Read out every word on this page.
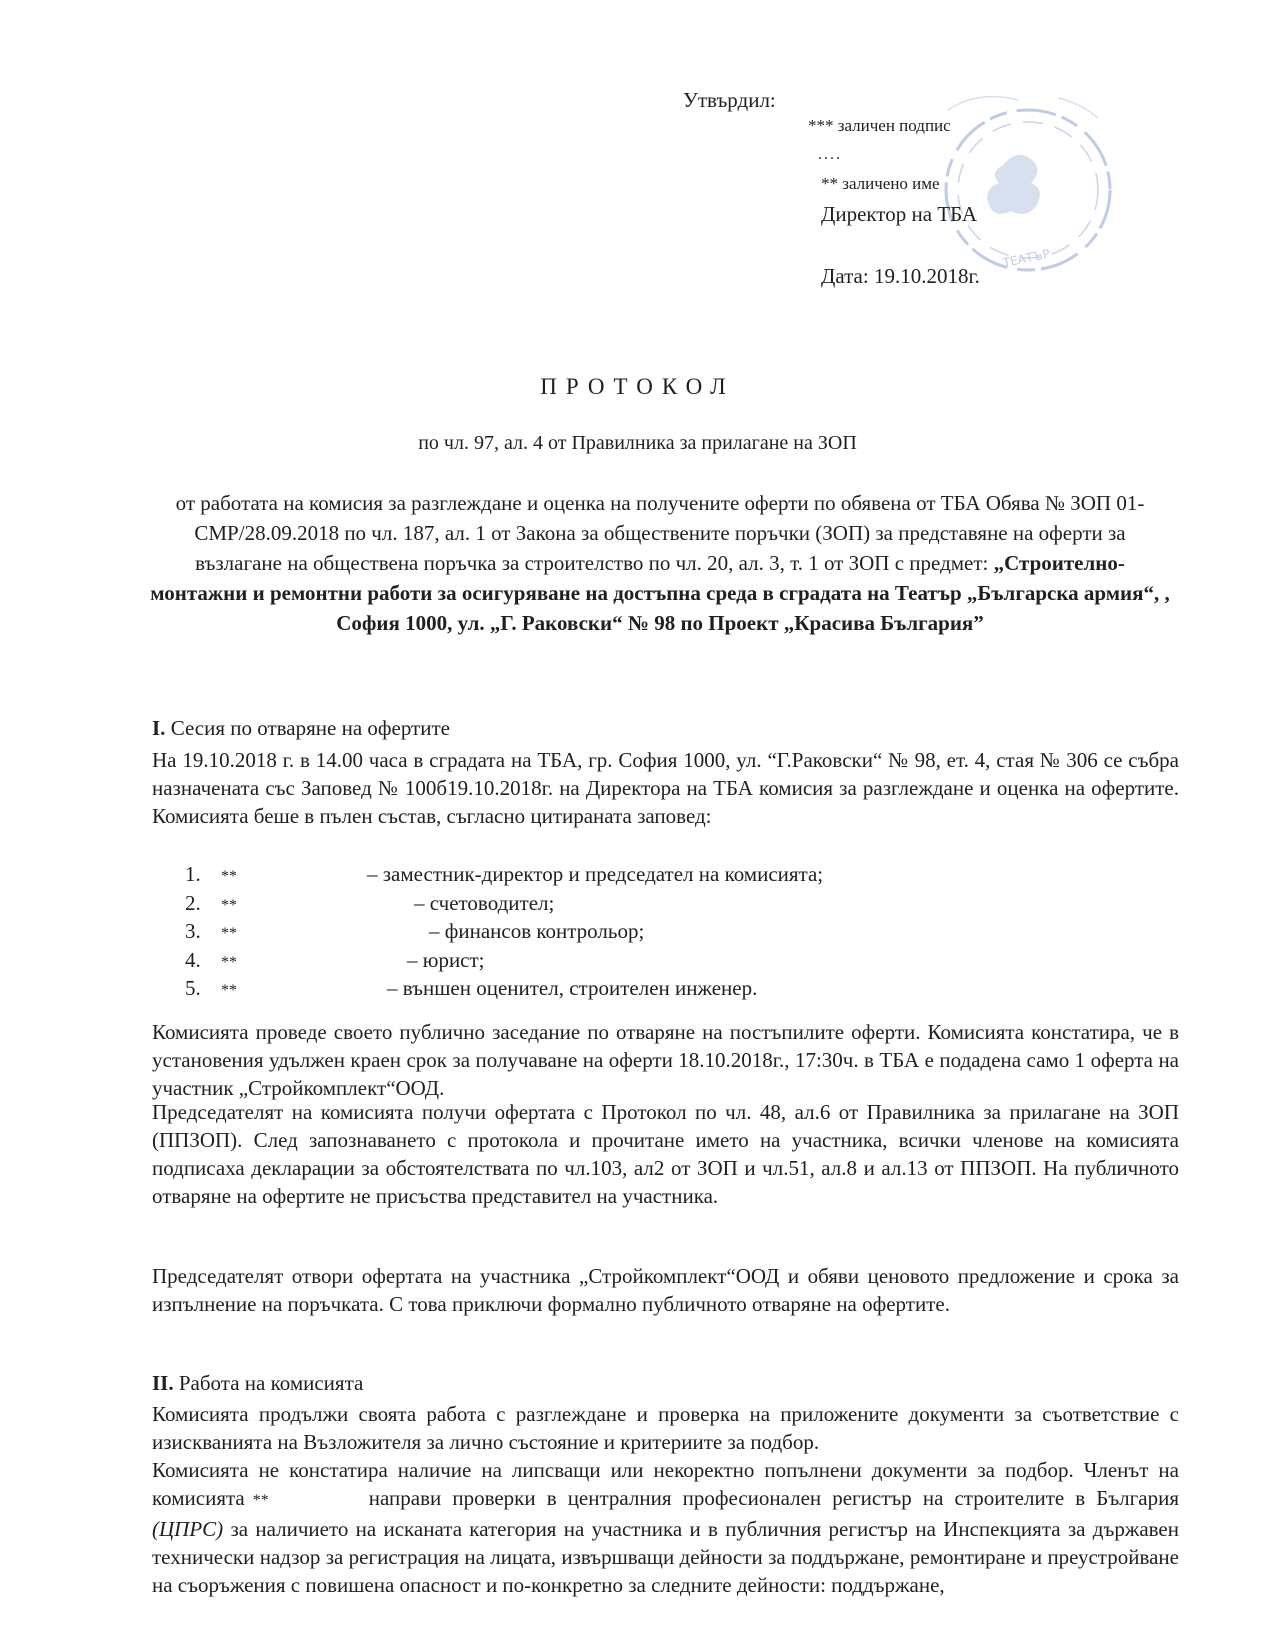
ТЕАТЪР
Утвърдил:
*** заличен подпис
....
** заличено име
Директор на ТБА
Дата: 19.10.2018г.
ПРОТОКОЛ
по чл. 97, ал. 4 от Правилника за прилагане на ЗОП
от работата на комисия за разглеждане и оценка на получените оферти по обявена от ТБА Обява № ЗОП 01-СМР/28.09.2018 по чл. 187, ал. 1 от Закона за обществените поръчки (ЗОП) за представяне на оферти за възлагане на обществена поръчка за строителство по чл. 20, ал. 3, т. 1 от ЗОП с предмет: „Строително-монтажни и ремонтни работи за осигуряване на достъпна среда в сградата на Театър „Българска армия“, , София 1000, ул. „Г. Раковски“ № 98 по Проект „Красива България”
I. Сесия по отваряне на офертите
На 19.10.2018 г. в 14.00 часа в сградата на ТБА, гр. София 1000, ул. “Г.Раковски“ № 98, ет. 4, стая № 306 се събра назначената със Заповед № 100б19.10.2018г. на Директора на ТБА комисия за разглеждане и оценка на офертите. Комисията беше в пълен състав, съгласно цитираната заповед:
1. **	– заместник-директор и председател на комисията;
2. **	– счетоводител;
3. **	– финансов контрольор;
4. **	– юрист;
5. **	– външен оценител, строителен инженер.
Комисията проведе своето публично заседание по отваряне на постъпилите оферти. Комисията констатира, че в установения удължен краен срок за получаване на оферти 18.10.2018г., 17:30ч. в ТБА е подадена само 1 оферта на участник „Стройкомплект“ООД.
Председателят на комисията получи офертата с Протокол по чл. 48, ал.6 от Правилника за прилагане на ЗОП (ППЗОП). След запознаването с протокола и прочитане името на участника, всички членове на комисията подписаха декларации за обстоятелствата по чл.103, ал2 от ЗОП и чл.51, ал.8 и ал.13 от ППЗОП. На публичното отваряне на офертите не присъства представител на участника.
Председателят отвори офертата на участника „Стройкомплект“ООД и обяви ценовото предложение и срока за изпълнение на поръчката. С това приключи формално публичното отваряне на офертите.
II. Работа на комисията
Комисията продължи своята работа с разглеждане и проверка на приложените документи за съответствие с изискванията на Възложителя за лично състояние и критериите за подбор.
Комисията не констатира наличие на липсващи или некоректно попълнени документи за подбор. Членът на комисията **	направи проверки в централния професионален регистър на строителите в България (ЦПРС) за наличието на исканата категория на участника и в публичния регистър на Инспекцията за държавен технически надзор за регистрация на лицата, извършващи дейности за поддържане, ремонтиране и преустройване на съоръжения с повишена опасност и по-конкретно за следните дейности: поддържане,
